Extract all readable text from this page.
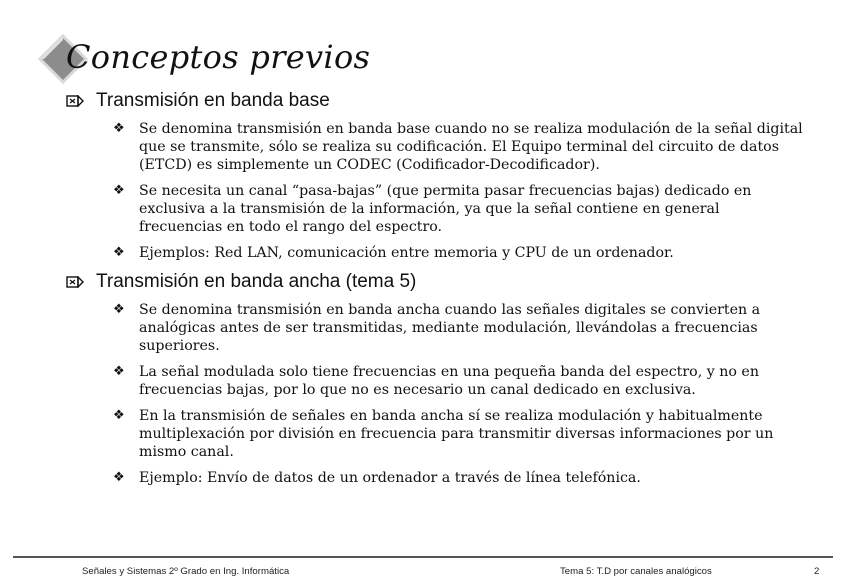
Conceptos previos
Transmisión en banda base
❖	Se denomina transmisión en banda base cuando no se realiza modulación de la señal digital que se transmite, sólo se realiza su codificación. El Equipo terminal del circuito de datos (ETCD) es simplemente un CODEC (Codificador-Decodificador).
❖	Se necesita un canal “pasa-bajas” (que permita pasar frecuencias bajas) dedicado en exclusiva a la transmisión de la información, ya que la señal contiene en general frecuencias en todo el rango del espectro.
❖	Ejemplos: Red LAN, comunicación entre memoria y CPU de un ordenador.
Transmisión en banda ancha (tema 5)
❖	Se denomina transmisión en banda ancha cuando las señales digitales se convierten a analógicas antes de ser transmitidas, mediante modulación, llevándolas a frecuencias superiores.
❖	La señal modulada solo tiene frecuencias en una pequeña banda del espectro, y no en frecuencias bajas, por lo que no es necesario un canal dedicado en exclusiva.
❖	En la transmisión de señales en banda ancha sí se realiza modulación y habitualmente multiplexación por división en frecuencia para transmitir diversas informaciones por un mismo canal.
❖	Ejemplo: Envío de datos de un ordenador a través de línea telefónica.
Señales y Sistemas 2º Grado en Ing. Informática	Tema 5: T.D por canales analógicos	2
